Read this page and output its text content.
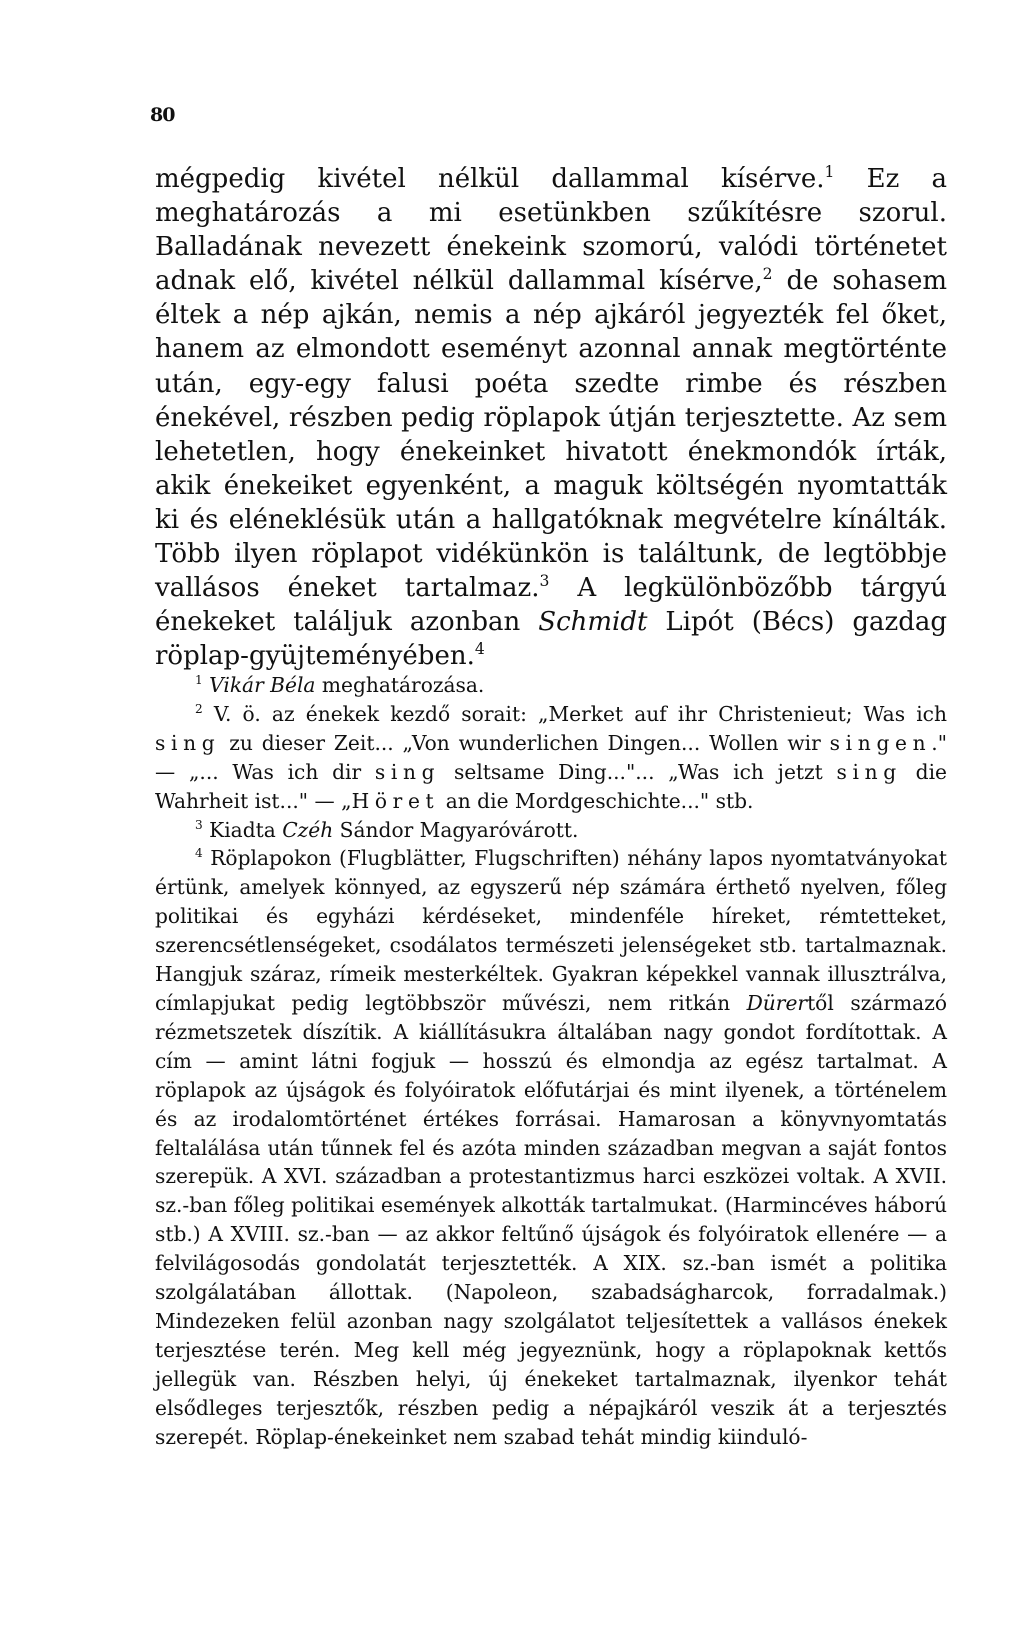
80

mégpedig kivétel nélkül dallammal kísérve.$^1$ Ez a meghatározás a mi esetünkben szűkítésre szorul. Balladának nevezett énekeink szomorú, valódi történetet adnak elő, kivétel nélkül dallammal kísérve,$^2$ de sohasem éltek a nép ajkán, nemis a nép ajkáról jegyezték fel őket, hanem az elmondott eseményt azonnal annak megtörténte után, egy-egy falusi poéta szedte rimbe és részben énekével, részben pedig röplapok útján terjesztette. Az sem lehetetlen, hogy énekeinket hivatott énekmondók írták, akik énekeiket egyenként, a maguk költségén nyomtatták ki és eléneklésük után a hallgatóknak megvételre kínálták. Több ilyen röplapot vidékünkön is találtunk, de legtöbbje vallásos éneket tartalmaz.$^3$ A legkülönbözőbb tárgyú énekeket találjuk azonban Schmidt Lipót (Bécs) gazdag röplap-gyüjteményében.$^4$

$^1$ Vikár Béla meghatározása.

$^2$ V. ö. az énekek kezdő sorait: „Merket auf ihr Christenieut; Was ich sing zu dieser Zeit... „Von wunderlichen Dingen... Wollen wir singen." — „... Was ich dir sing seltsame Ding..."... „Was ich jetzt sing die Wahrheit ist..." — „Höret an die Mordgeschichte..." stb.

$^3$ Kiadta Czéh Sándor Magyaróvárott.

$^4$ Röplapokon (Flugblätter, Flugschriften) néhány lapos nyomtatványokat értünk, amelyek könnyed, az egyszerű nép számára érthető nyelven, főleg politikai és egyházi kérdéseket, mindenféle híreket, rémtetteket, szerencsétlenségeket, csodálatos természeti jelenségeket stb. tartalmaznak. Hangjuk száraz, rímeik mesterkéltek. Gyakran képekkel vannak illusztrálva, címlapjukat pedig legtöbbször művészi, nem ritkán Dürertől származó rézmetszetek díszítik. A kiállításukra általában nagy gondot fordítottak. A cím — amint látni fogjuk — hosszú és elmondja az egész tartalmat. A röplapok az újságok és folyóiratok előfutárjai és mint ilyenek, a történelem és az irodalomtörténet értékes forrásai. Hamarosan a könyvnyomtatás feltalálása után tűnnek fel és azóta minden században megvan a saját fontos szerepük. A XVI. században a protestantizmus harci eszközei voltak. A XVII. sz.-ban főleg politikai események alkották tartalmukat. (Harmincéves háború stb.) A XVIII. sz.-ban — az akkor feltűnő újságok és folyóiratok ellenére — a felvilágosodás gondolatát terjesztették. A XIX. sz.-ban ismét a politika szolgálatában állottak. (Napoleon, szabadságharcok, forradalmak.) Mindezeken felül azonban nagy szolgálatot teljesítettek a vallásos énekek terjesztése terén. Meg kell még jegyeznünk, hogy a röplapoknak kettős jellegük van. Részben helyi, új énekeket tartalmaznak, ilyenkor tehát elsődleges terjesztők, részben pedig a népajkáról veszik át a terjesztés szerepét. Röplap-énekeinket nem szabad tehát mindig kiinduló-
